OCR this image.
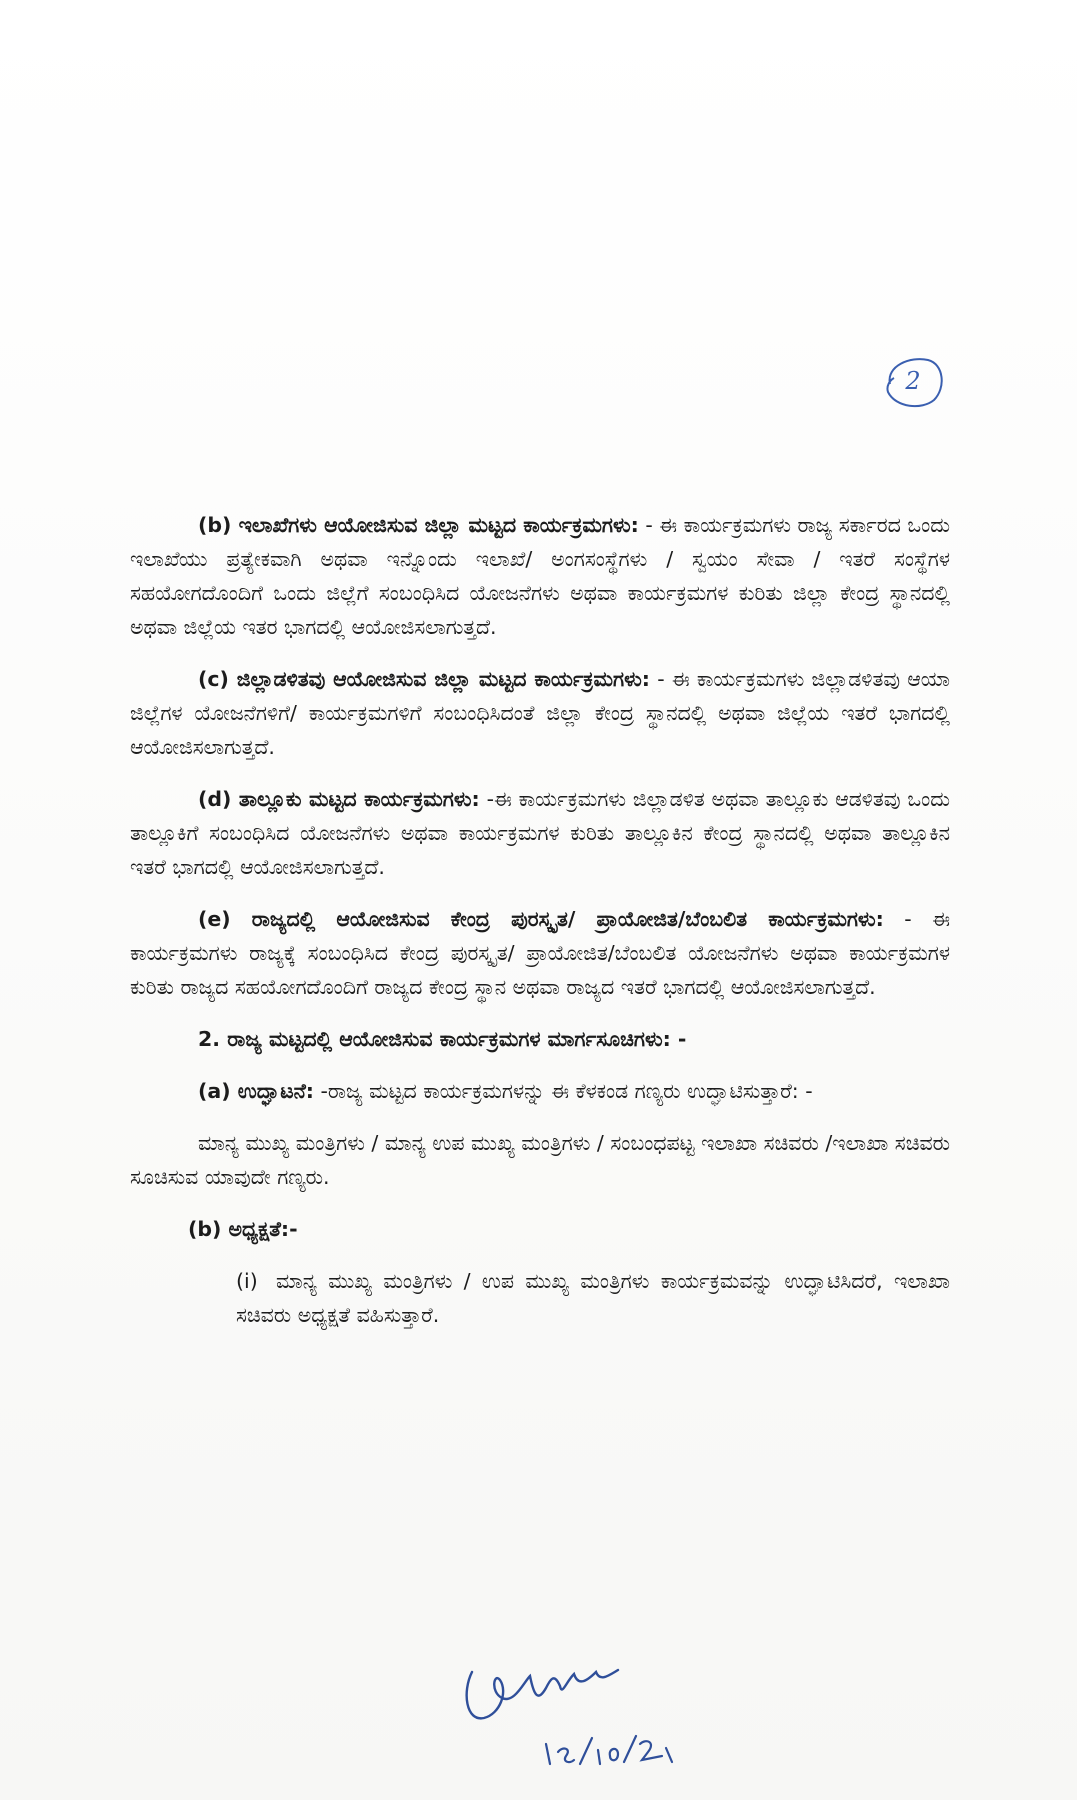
2

(b) ಇಲಾಖೆಗಳು ಆಯೋಜಿಸುವ ಜಿಲ್ಲಾ ಮಟ್ಟದ ಕಾರ್ಯಕ್ರಮಗಳು: - ಈ ಕಾರ್ಯಕ್ರಮಗಳು ರಾಜ್ಯ ಸರ್ಕಾರದ ಒಂದು ಇಲಾಖೆಯು ಪ್ರತ್ಯೇಕವಾಗಿ ಅಥವಾ ಇನ್ನೊಂದು ಇಲಾಖೆ/ ಅಂಗಸಂಸ್ಥೆಗಳು / ಸ್ವಯಂ ಸೇವಾ / ಇತರೆ ಸಂಸ್ಥೆಗಳ ಸಹಯೋಗದೊಂದಿಗೆ ಒಂದು ಜಿಲ್ಲೆಗೆ ಸಂಬಂಧಿಸಿದ ಯೋಜನೆಗಳು ಅಥವಾ ಕಾರ್ಯಕ್ರಮಗಳ ಕುರಿತು ಜಿಲ್ಲಾ ಕೇಂದ್ರ ಸ್ಥಾನದಲ್ಲಿ ಅಥವಾ ಜಿಲ್ಲೆಯ ಇತರ ಭಾಗದಲ್ಲಿ ಆಯೋಜಿಸಲಾಗುತ್ತದೆ.

(c) ಜಿಲ್ಲಾಡಳಿತವು ಆಯೋಜಿಸುವ ಜಿಲ್ಲಾ ಮಟ್ಟದ ಕಾರ್ಯಕ್ರಮಗಳು: - ಈ ಕಾರ್ಯಕ್ರಮಗಳು ಜಿಲ್ಲಾಡಳಿತವು ಆಯಾ ಜಿಲ್ಲೆಗಳ ಯೋಜನೆಗಳಿಗೆ/ ಕಾರ್ಯಕ್ರಮಗಳಿಗೆ ಸಂಬಂಧಿಸಿದಂತೆ ಜಿಲ್ಲಾ ಕೇಂದ್ರ ಸ್ಥಾನದಲ್ಲಿ ಅಥವಾ ಜಿಲ್ಲೆಯ ಇತರೆ ಭಾಗದಲ್ಲಿ ಆಯೋಜಿಸಲಾಗುತ್ತದೆ.

(d) ತಾಲ್ಲೂಕು ಮಟ್ಟದ ಕಾರ್ಯಕ್ರಮಗಳು: -ಈ ಕಾರ್ಯಕ್ರಮಗಳು ಜಿಲ್ಲಾಡಳಿತ ಅಥವಾ ತಾಲ್ಲೂಕು ಆಡಳಿತವು ಒಂದು ತಾಲ್ಲೂಕಿಗೆ ಸಂಬಂಧಿಸಿದ ಯೋಜನೆಗಳು ಅಥವಾ ಕಾರ್ಯಕ್ರಮಗಳ ಕುರಿತು ತಾಲ್ಲೂಕಿನ ಕೇಂದ್ರ ಸ್ಥಾನದಲ್ಲಿ ಅಥವಾ ತಾಲ್ಲೂಕಿನ ಇತರೆ ಭಾಗದಲ್ಲಿ ಆಯೋಜಿಸಲಾಗುತ್ತದೆ.

(e) ರಾಜ್ಯದಲ್ಲಿ ಆಯೋಜಿಸುವ ಕೇಂದ್ರ ಪುರಸ್ಕೃತ/ ಪ್ರಾಯೋಜಿತ/ಬೆಂಬಲಿತ ಕಾರ್ಯಕ್ರಮಗಳು: - ಈ ಕಾರ್ಯಕ್ರಮಗಳು ರಾಜ್ಯಕ್ಕೆ ಸಂಬಂಧಿಸಿದ ಕೇಂದ್ರ ಪುರಸ್ಕೃತ/ ಪ್ರಾಯೋಜಿತ/ಬೆಂಬಲಿತ ಯೋಜನೆಗಳು ಅಥವಾ ಕಾರ್ಯಕ್ರಮಗಳ ಕುರಿತು ರಾಜ್ಯದ ಸಹಯೋಗದೊಂದಿಗೆ ರಾಜ್ಯದ ಕೇಂದ್ರ ಸ್ಥಾನ ಅಥವಾ ರಾಜ್ಯದ ಇತರೆ ಭಾಗದಲ್ಲಿ ಆಯೋಜಿಸಲಾಗುತ್ತದೆ.

2. ರಾಜ್ಯ ಮಟ್ಟದಲ್ಲಿ ಆಯೋಜಿಸುವ ಕಾರ್ಯಕ್ರಮಗಳ ಮಾರ್ಗಸೂಚಿಗಳು: -

(a) ಉದ್ಘಾಟನೆ: -ರಾಜ್ಯ ಮಟ್ಟದ ಕಾರ್ಯಕ್ರಮಗಳನ್ನು ಈ ಕೆಳಕಂಡ ಗಣ್ಯರು ಉದ್ಘಾಟಿಸುತ್ತಾರೆ: -

ಮಾನ್ಯ ಮುಖ್ಯ ಮಂತ್ರಿಗಳು / ಮಾನ್ಯ ಉಪ ಮುಖ್ಯ ಮಂತ್ರಿಗಳು / ಸಂಬಂಧಪಟ್ಟ ಇಲಾಖಾ ಸಚಿವರು /ಇಲಾಖಾ ಸಚಿವರು ಸೂಚಿಸುವ ಯಾವುದೇ ಗಣ್ಯರು.

(b) ಅಧ್ಯಕ್ಷತೆ:-

(i) ಮಾನ್ಯ ಮುಖ್ಯ ಮಂತ್ರಿಗಳು / ಉಪ ಮುಖ್ಯ ಮಂತ್ರಿಗಳು ಕಾರ್ಯಕ್ರಮವನ್ನು ಉದ್ಘಾಟಿಸಿದರೆ, ಇಲಾಖಾ ಸಚಿವರು ಅಧ್ಯಕ್ಷತೆ ವಹಿಸುತ್ತಾರೆ.
